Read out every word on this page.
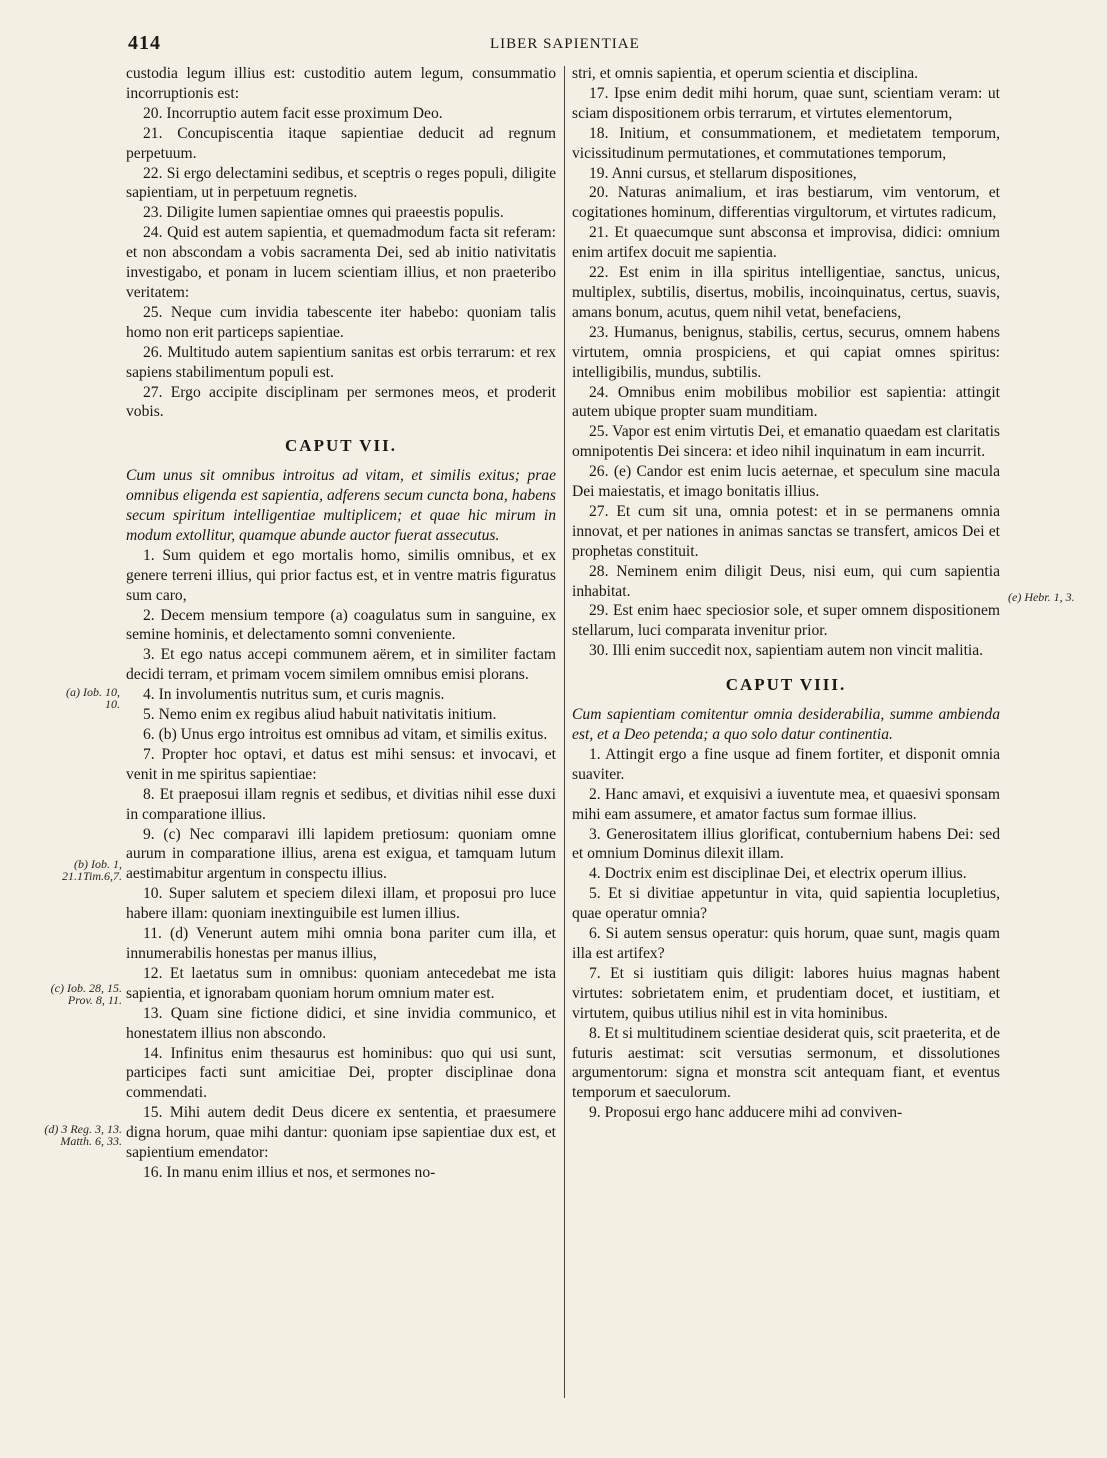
414	LIBER SAPIENTIAE

custodia legum illius est: custoditio autem legum, consummatio incorruptionis est:

20. Incorruptio autem facit esse proximum Deo.

21. Concupiscentia itaque sapientiae deducit ad regnum perpetuum.

22. Si ergo delectamini sedibus, et sceptris o reges populi, diligite sapientiam, ut in perpetuum regnetis.

23. Diligite lumen sapientiae omnes qui praeestis populis.

24. Quid est autem sapientia, et quemadmodum facta sit referam: et non abscondam a vobis sacramenta Dei, sed ab initio nativitatis investigabo, et ponam in lucem scientiam illius, et non praeteribo veritatem:

25. Neque cum invidia tabescente iter habebo: quoniam talis homo non erit particeps sapientiae.

26. Multitudo autem sapientium sanitas est orbis terrarum: et rex sapiens stabilimentum populi est.

27. Ergo accipite disciplinam per sermones meos, et proderit vobis.

CAPUT VII.

Cum unus sit omnibus introitus ad vitam, et similis exitus; prae omnibus eligenda est sapientia, adferens secum cuncta bona, habens secum spiritum intelligentiae multiplicem; et quae hic mirum in modum extollitur, quamque abunde auctor fuerat assecutus.

1. Sum quidem et ego mortalis homo, similis omnibus, et ex genere terreni illius, qui prior factus est, et in ventre matris figuratus sum caro,

2. Decem mensium tempore (a) coagulatus sum in sanguine, ex semine hominis, et delectamento somni conveniente.

3. Et ego natus accepi communem aërem, et in similiter factam decidi terram, et primam vocem similem omnibus emisi plorans.

4. In involumentis nutritus sum, et curis magnis.

5. Nemo enim ex regibus aliud habuit nativitatis initium.

6. (b) Unus ergo introitus est omnibus ad vitam, et similis exitus.

7. Propter hoc optavi, et datus est mihi sensus: et invocavi, et venit in me spiritus sapientiae:

8. Et praeposui illam regnis et sedibus, et divitias nihil esse duxi in comparatione illius.

9. (c) Nec comparavi illi lapidem pretiosum: quoniam omne aurum in comparatione illius, arena est exigua, et tamquam lutum aestimabitur argentum in conspectu illius.

10. Super salutem et speciem dilexi illam, et proposui pro luce habere illam: quoniam inextinguibile est lumen illius.

11. (d) Venerunt autem mihi omnia bona pariter cum illa, et innumerabilis honestas per manus illius,

12. Et laetatus sum in omnibus: quoniam antecedebat me ista sapientia, et ignorabam quoniam horum omnium mater est.

13. Quam sine fictione didici, et sine invidia communico, et honestatem illius non abscondo.

14. Infinitus enim thesaurus est hominibus: quo qui usi sunt, participes facti sunt amicitiae Dei, propter disciplinae dona commendati.

15. Mihi autem dedit Deus dicere ex sententia, et praesumere digna horum, quae mihi dantur: quoniam ipse sapientiae dux est, et sapientium emendator:

16. In manu enim illius et nos, et sermones no-

stri, et omnis sapientia, et operum scientia et disciplina.

17. Ipse enim dedit mihi horum, quae sunt, scientiam veram: ut sciam dispositionem orbis terrarum, et virtutes elementorum,

18. Initium, et consummationem, et medietatem temporum, vicissitudinum permutationes, et commutationes temporum,

19. Anni cursus, et stellarum dispositiones,

20. Naturas animalium, et iras bestiarum, vim ventorum, et cogitationes hominum, differentias virgultorum, et virtutes radicum,

21. Et quaecumque sunt absconsa et improvisa, didici: omnium enim artifex docuit me sapientia.

22. Est enim in illa spiritus intelligentiae, sanctus, unicus, multiplex, subtilis, disertus, mobilis, incoinquinatus, certus, suavis, amans bonum, acutus, quem nihil vetat, benefaciens,

23. Humanus, benignus, stabilis, certus, securus, omnem habens virtutem, omnia prospiciens, et qui capiat omnes spiritus: intelligibilis, mundus, subtilis.

24. Omnibus enim mobilibus mobilior est sapientia: attingit autem ubique propter suam munditiam.

25. Vapor est enim virtutis Dei, et emanatio quaedam est claritatis omnipotentis Dei sincera: et ideo nihil inquinatum in eam incurrit.

26. (e) Candor est enim lucis aeternae, et speculum sine macula Dei maiestatis, et imago bonitatis illius.

27. Et cum sit una, omnia potest: et in se permanens omnia innovat, et per nationes in animas sanctas se transfert, amicos Dei et prophetas constituit.

28. Neminem enim diligit Deus, nisi eum, qui cum sapientia inhabitat.

29. Est enim haec speciosior sole, et super omnem dispositionem stellarum, luci comparata invenitur prior.

30. Illi enim succedit nox, sapientiam autem non vincit malitia.

CAPUT VIII.

Cum sapientiam comitentur omnia desiderabilia, summe ambienda est, et a Deo petenda; a quo solo datur continentia.

1. Attingit ergo a fine usque ad finem fortiter, et disponit omnia suaviter.

2. Hanc amavi, et exquisivi a iuventute mea, et quaesivi sponsam mihi eam assumere, et amator factus sum formae illius.

3. Generositatem illius glorificat, contubernium habens Dei: sed et omnium Dominus dilexit illam.

4. Doctrix enim est disciplinae Dei, et electrix operum illius.

5. Et si divitiae appetuntur in vita, quid sapientia locupletius, quae operatur omnia?

6. Si autem sensus operatur: quis horum, quae sunt, magis quam illa est artifex?

7. Et si iustitiam quis diligit: labores huius magnas habent virtutes: sobrietatem enim, et prudentiam docet, et iustitiam, et virtutem, quibus utilius nihil est in vita hominibus.

8. Et si multitudinem scientiae desiderat quis, scit praeterita, et de futuris aestimat: scit versutias sermonum, et dissolutiones argumentorum: signa et monstra scit antequam fiant, et eventus temporum et saeculorum.

9. Proposui ergo hanc adducere mihi ad conviven-

(a) Iob. 10, 10.
(b) Iob. 1, 21.1Tim.6,7.
(c) Iob. 28, 15. Prov. 8, 11.
(d) 3 Reg. 3, 13. Matth. 6, 33.
(e) Hebr. 1, 3.
